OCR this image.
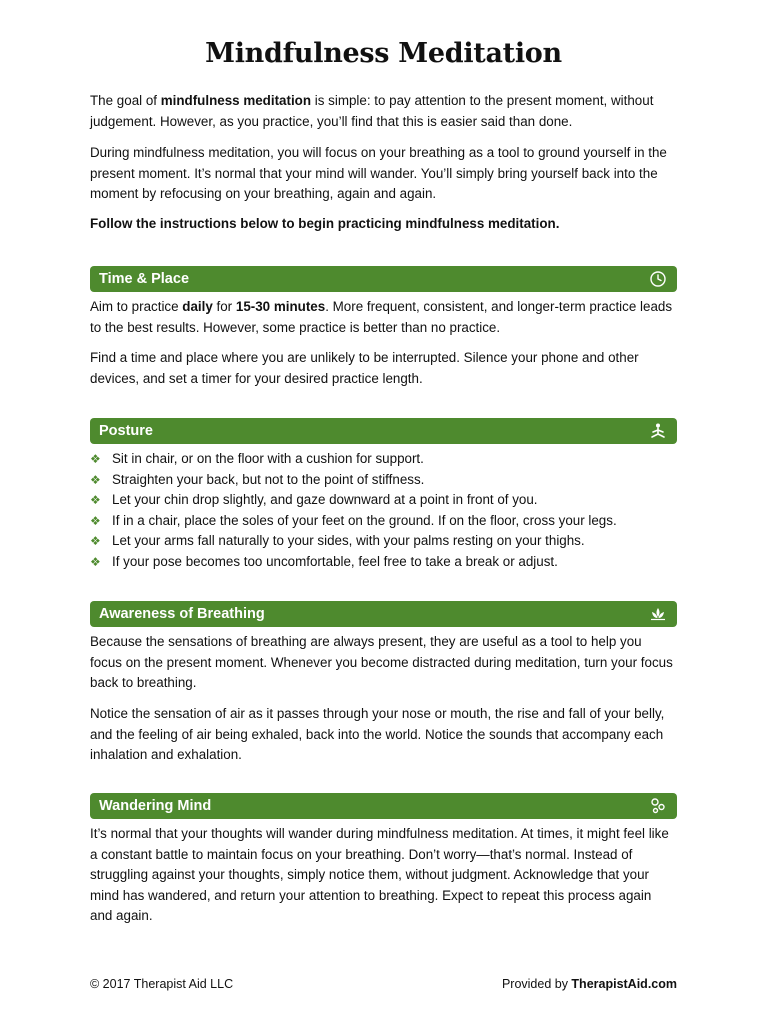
Mindfulness Meditation

The goal of mindfulness meditation is simple: to pay attention to the present moment, without judgement. However, as you practice, you’ll find that this is easier said than done.

During mindfulness meditation, you will focus on your breathing as a tool to ground yourself in the present moment. It’s normal that your mind will wander. You’ll simply bring yourself back into the moment by refocusing on your breathing, again and again.

Follow the instructions below to begin practicing mindfulness meditation.

Time & Place

Aim to practice daily for 15-30 minutes. More frequent, consistent, and longer-term practice leads to the best results. However, some practice is better than no practice.

Find a time and place where you are unlikely to be interrupted. Silence your phone and other devices, and set a timer for your desired practice length.

Posture
❖ Sit in chair, or on the floor with a cushion for support.
❖ Straighten your back, but not to the point of stiffness.
❖ Let your chin drop slightly, and gaze downward at a point in front of you.
❖ If in a chair, place the soles of your feet on the ground. If on the floor, cross your legs.
❖ Let your arms fall naturally to your sides, with your palms resting on your thighs.
❖ If your pose becomes too uncomfortable, feel free to take a break or adjust.
Awareness of Breathing

Because the sensations of breathing are always present, they are useful as a tool to help you focus on the present moment. Whenever you become distracted during meditation, turn your focus back to breathing.

Notice the sensation of air as it passes through your nose or mouth, the rise and fall of your belly, and the feeling of air being exhaled, back into the world. Notice the sounds that accompany each inhalation and exhalation.

Wandering Mind

It’s normal that your thoughts will wander during mindfulness meditation. At times, it might feel like a constant battle to maintain focus on your breathing. Don’t worry—that’s normal. Instead of struggling against your thoughts, simply notice them, without judgment. Acknowledge that your mind has wandered, and return your attention to breathing. Expect to repeat this process again and again.

© 2017 Therapist Aid LLC	Provided by TherapistAid.com
